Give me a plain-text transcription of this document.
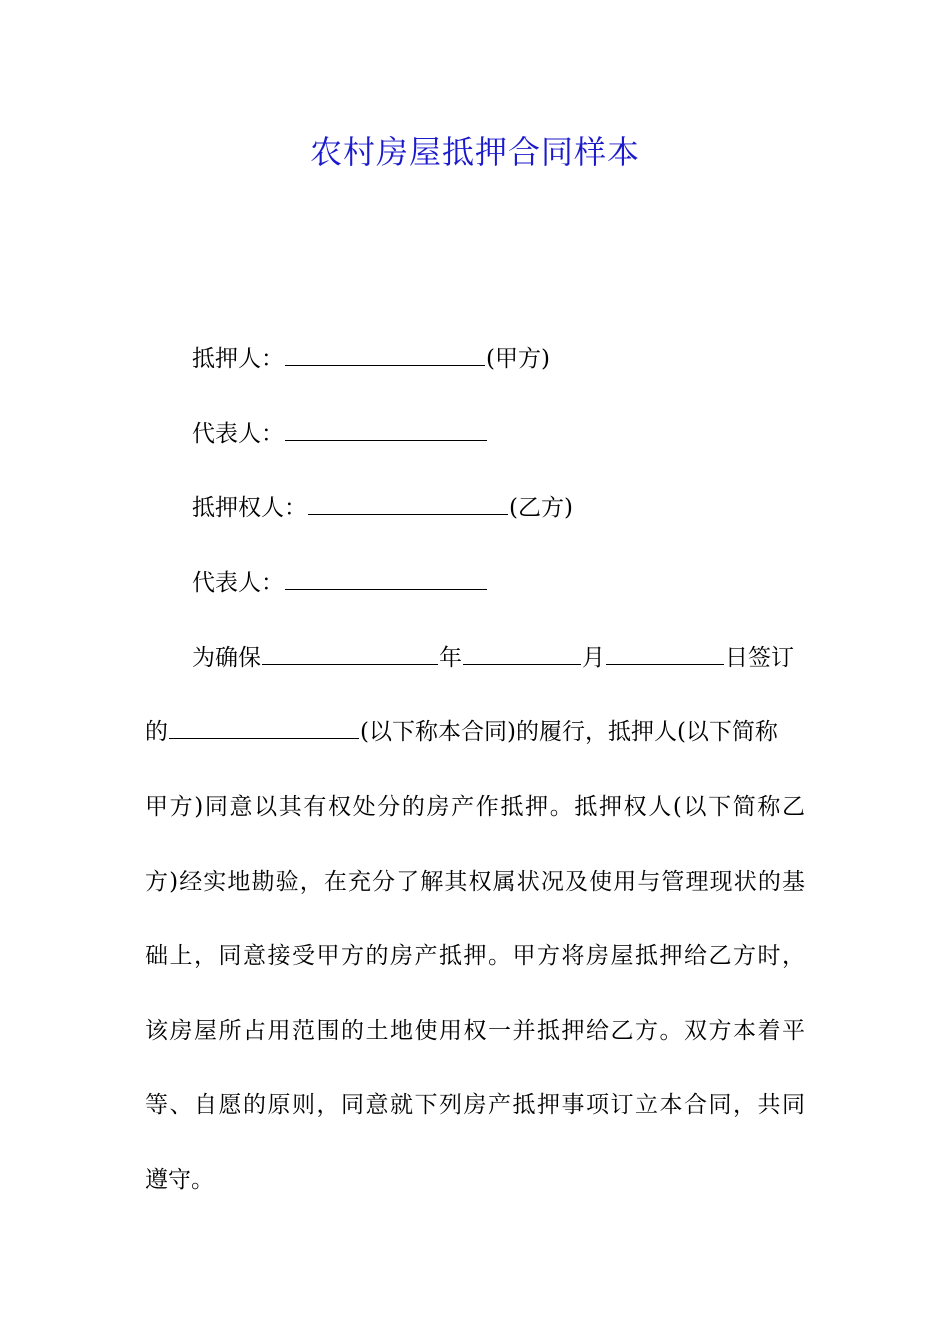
农村房屋抵押合同样本
抵押人：	(甲方)
代表人：
抵押权人：	(乙方)
代表人：
为确保	年	月	日签订
的	(以下称本合同)的履行，抵押人(以下简称
甲方)同意以其有权处分的房产作抵押。抵押权人(以下简称乙
方)经实地勘验，在充分了解其权属状况及使用与管理现状的基
础上，同意接受甲方的房产抵押。甲方将房屋抵押给乙方时，
该房屋所占用范围的土地使用权一并抵押给乙方。双方本着平
等、自愿的原则，同意就下列房产抵押事项订立本合同，共同
遵守。
